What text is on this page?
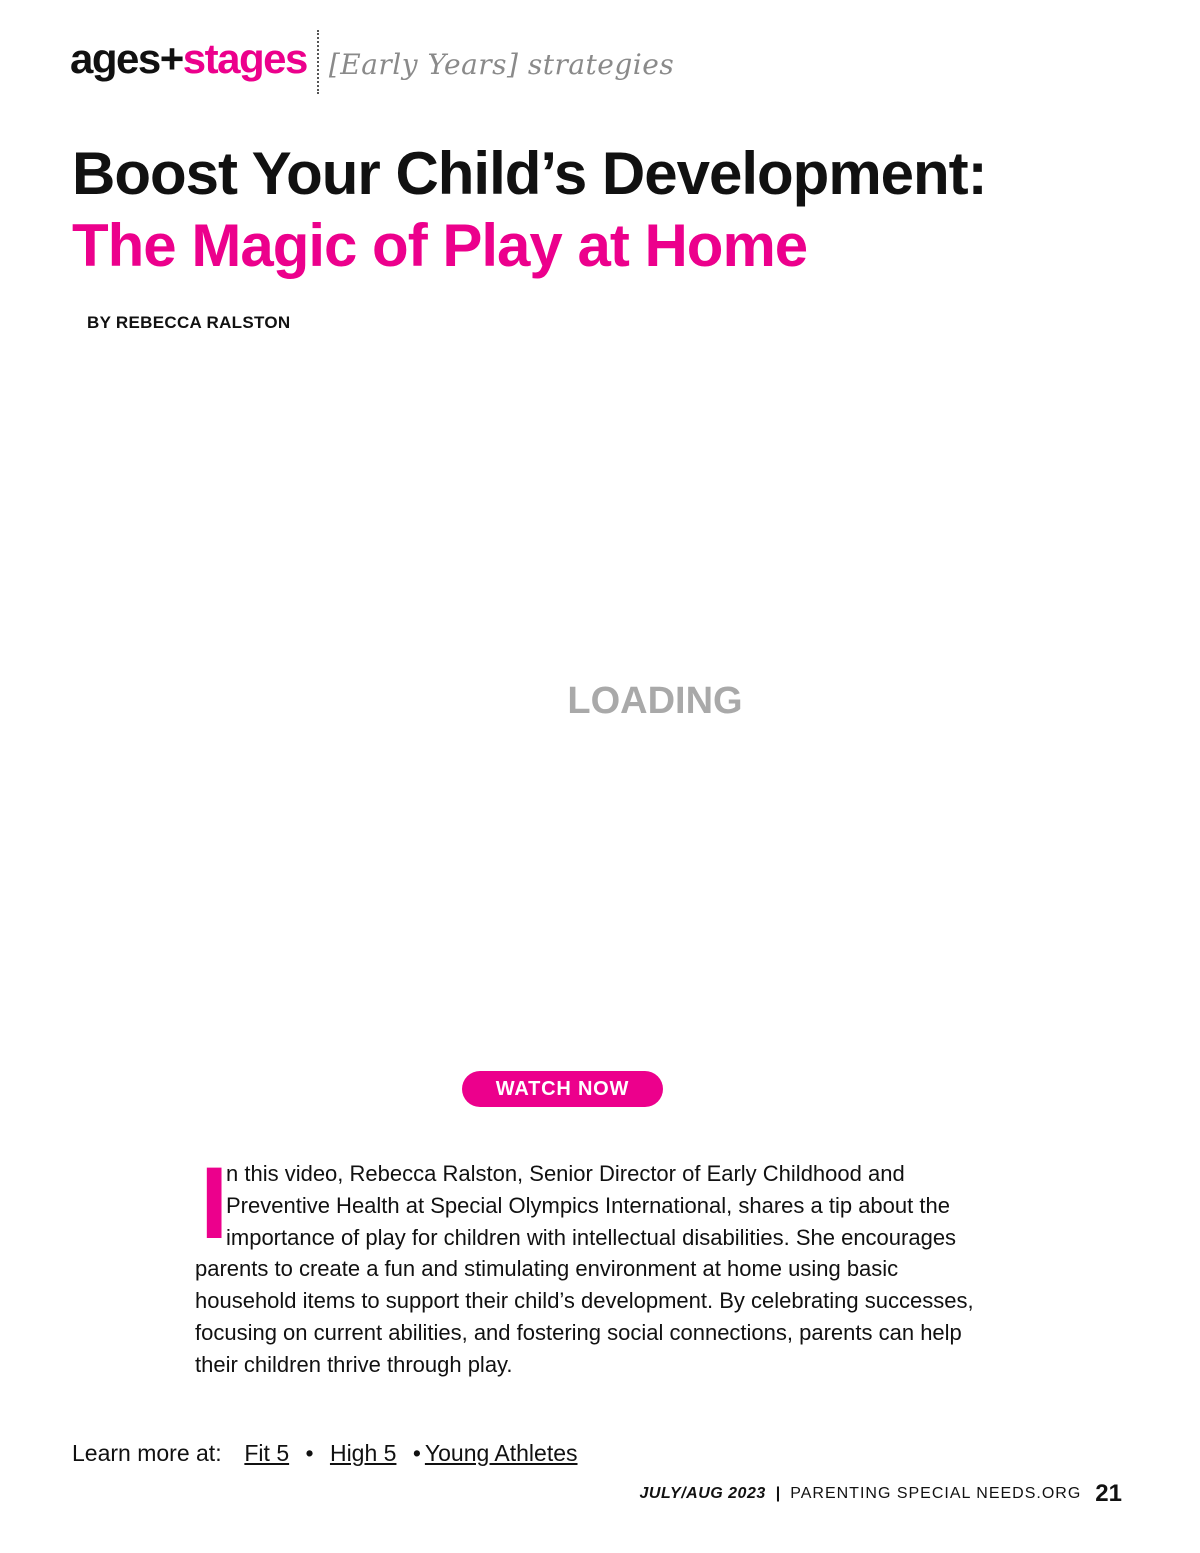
ages+stages [Early Years] strategies
Boost Your Child’s Development:
The Magic of Play at Home
BY REBECCA RALSTON
LOADING
WATCH NOW
I
n this video, Rebecca Ralston, Senior Director of Early Childhood and Preventive Health at Special Olympics International, shares a tip about the importance of play for children with intellectual disabilities. She encourages parents to create a fun and stimulating environment at home using basic household items to support their child’s development. By celebrating successes, focusing on current abilities, and fostering social connections, parents can help their children thrive through play.
Learn more at: Fit 5 • High 5 • Young Athletes
JULY/AUG 2023 | PARENTING SPECIAL NEEDS.ORG 21
